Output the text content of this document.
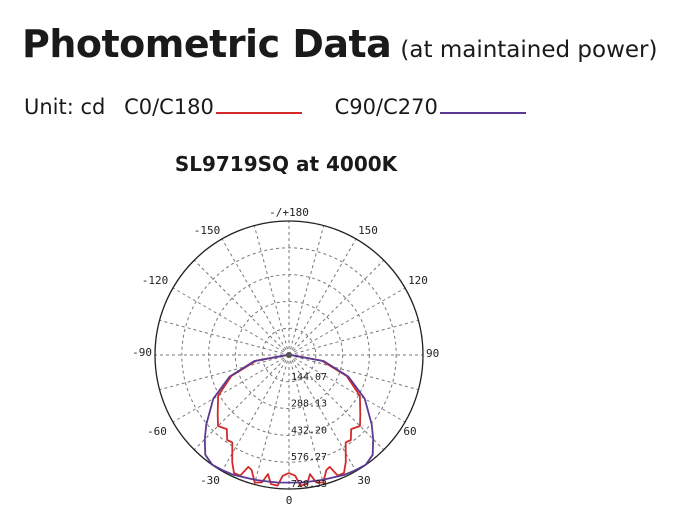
Photometric Data (at maintained power)
Unit: cd C0/C180	C90/C270
SL9719SQ at 4000K
-/+180
150
120
90
60
30
0
-30
-60
-90
-120
-150
144.07
288.13
432.20
576.27
720.33
